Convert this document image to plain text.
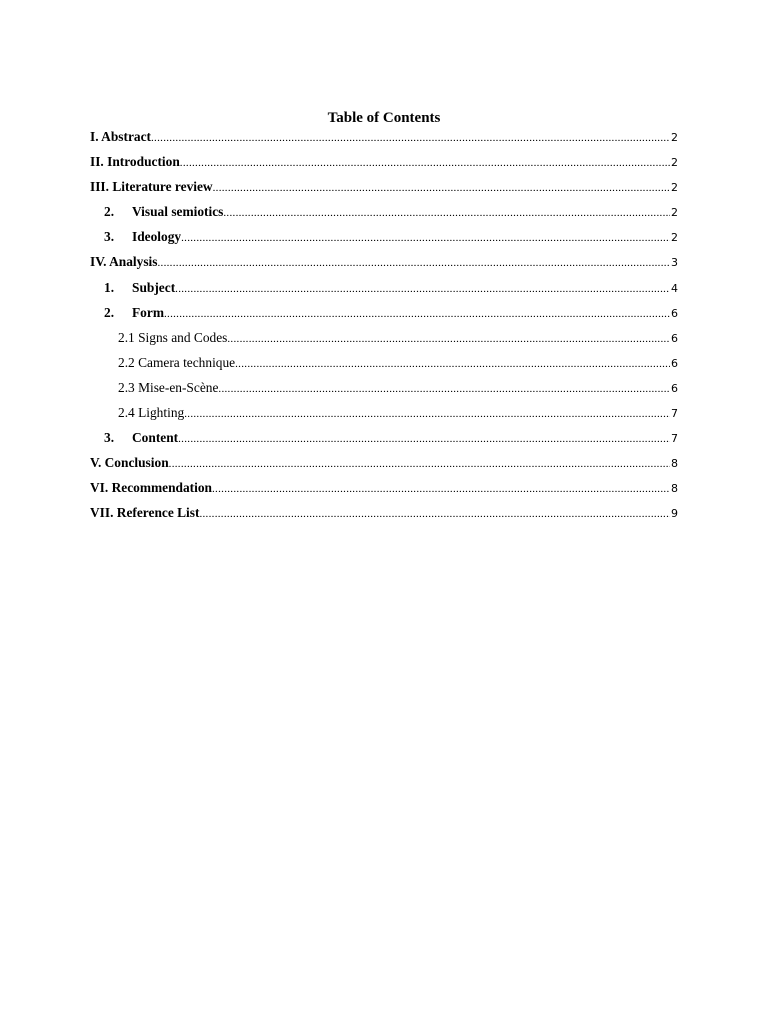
Table of Contents
I. Abstract .....	2
II. Introduction .....	2
III. Literature review .....	2
2.	Visual semiotics .....	2
3.	Ideology .....	2
IV. Analysis .....	3
1.	Subject .....	4
2.	Form .....	6
2.1 Signs and Codes .....	6
2.2 Camera technique .....	6
2.3 Mise-en-Scène .....	6
2.4 Lighting .....	7
3.	Content .....	7
V. Conclusion .....	8
VI. Recommendation .....	8
VII. Reference List .....	9
